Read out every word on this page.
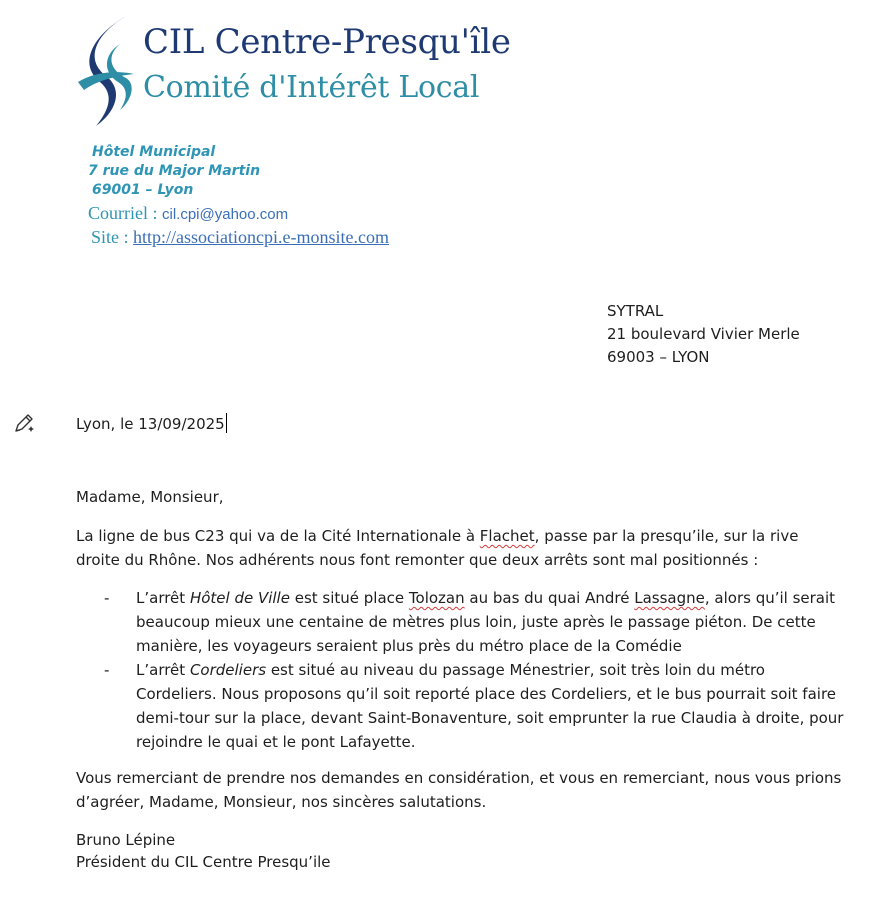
CIL Centre-Presqu'île
Comité d'Intérêt Local
Hôtel Municipal
7 rue du Major Martin
69001 – Lyon
Courriel : cil.cpi@yahoo.com
Site : http://associationcpi.e-monsite.com
SYTRAL
21 boulevard Vivier Merle
69003 – LYON
Lyon, le 13/09/2025
Madame, Monsieur,
La ligne de bus C23 qui va de la Cité Internationale à Flachet, passe par la presqu’ile, sur la rive droite du Rhône. Nos adhérents nous font remonter que deux arrêts sont mal positionnés :
- L’arrêt Hôtel de Ville est situé place Tolozan au bas du quai André Lassagne, alors qu’il serait beaucoup mieux une centaine de mètres plus loin, juste après le passage piéton. De cette manière, les voyageurs seraient plus près du métro place de la Comédie
- L’arrêt Cordeliers est situé au niveau du passage Ménestrier, soit très loin du métro Cordeliers. Nous proposons qu’il soit reporté place des Cordeliers, et le bus pourrait soit faire demi-tour sur la place, devant Saint-Bonaventure, soit emprunter la rue Claudia à droite, pour rejoindre le quai et le pont Lafayette.
Vous remerciant de prendre nos demandes en considération, et vous en remerciant, nous vous prions d’agréer, Madame, Monsieur, nos sincères salutations.
Bruno Lépine
Président du CIL Centre Presqu’ile
